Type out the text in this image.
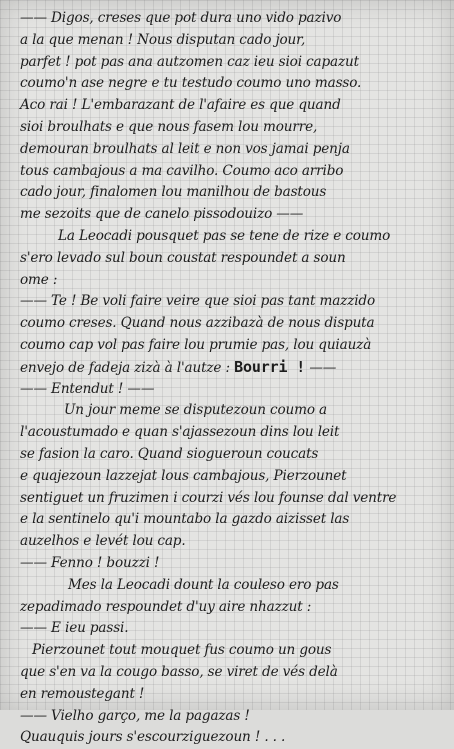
—— Digos, creses que pot dura uno vido pazivo
a la que menan ! Nous disputan cado jour,
parfet ! pot pas ana autzomen caz ieu sioi capazut
coumo'n ase negre e tu testudo coumo uno masso.
Aco rai ! L'embarazant de l'afaire es que quand
sioi broulhats e que nous fasem lou mourre,
demouran broulhats al leit e non vos jamai penja
tous cambajous a ma cavilho. Coumo aco arribo
cado jour, finalomen lou manilhou de bastous
me sezoits que de canelo pissodouizo ——
La Leocadi pousquet pas se tene de rize e coumo
s'ero levado sul boun coustat respoundet a soun
ome :
—— Te ! Be voli faire veire que sioi pas tant mazzido
coumo creses. Quand nous azzibazà de nous disputa
coumo cap vol pas faire lou prumie pas, lou quiauzà
envejo de fadeja zizà à l'autze : Bourri ! ——
—— Entendut ! ——
Un jour meme se disputezoun coumo a
l'acoustumado e quan s'ajassezoun dins lou leit
se fasion la caro. Quand siogueroun coucats
e quajezoun lazzejat lous cambajous, Pierzounet
sentiguet un fruzimen i courzi vés lou founse dal ventre
e la sentinelo qu'i mountabo la gazdo aizisset las
auzelhos e levét lou cap.
—— Fenno ! bouzzi !
Mes la Leocadi dount la couleso ero pas
zepadimado respoundet d'uy aire nhazzut :
—— E ieu passi.
Pierzounet tout mouquet fus coumo un gous
que s'en va la cougo basso, se viret de vés delà
en remoustegant !
—— Vielho garço, me la pagazas !
Quauquis jours s'escourziguezoun ! . . .
